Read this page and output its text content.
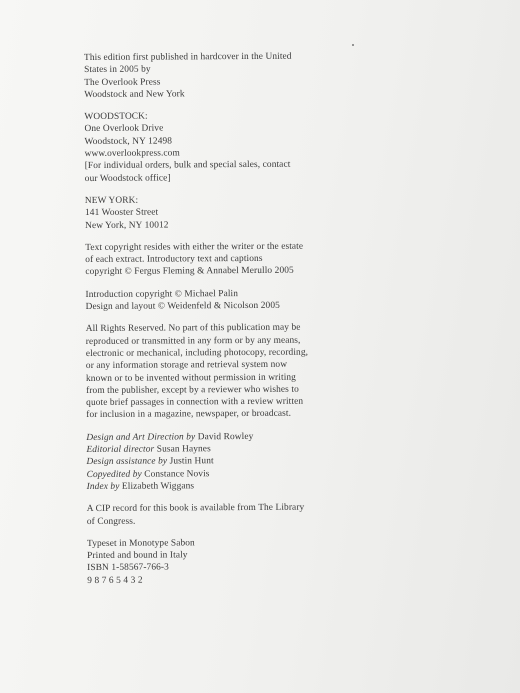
This edition first published in hardcover in the United
States in 2005 by
The Overlook Press
Woodstock and New York
WOODSTOCK:
One Overlook Drive
Woodstock, NY 12498
www.overlookpress.com
[For individual orders, bulk and special sales, contact
our Woodstock office]
NEW YORK:
141 Wooster Street
New York, NY 10012
Text copyright resides with either the writer or the estate
of each extract. Introductory text and captions
copyright © Fergus Fleming & Annabel Merullo 2005
Introduction copyright © Michael Palin
Design and layout © Weidenfeld & Nicolson 2005
All Rights Reserved. No part of this publication may be
reproduced or transmitted in any form or by any means,
electronic or mechanical, including photocopy, recording,
or any information storage and retrieval system now
known or to be invented without permission in writing
from the publisher, except by a reviewer who wishes to
quote brief passages in connection with a review written
for inclusion in a magazine, newspaper, or broadcast.
Design and Art Direction by David Rowley
Editorial director Susan Haynes
Design assistance by Justin Hunt
Copyedited by Constance Novis
Index by Elizabeth Wiggans
A CIP record for this book is available from The Library
of Congress.
Typeset in Monotype Sabon
Printed and bound in Italy
ISBN 1-58567-766-3
9 8 7 6 5 4 3 2
